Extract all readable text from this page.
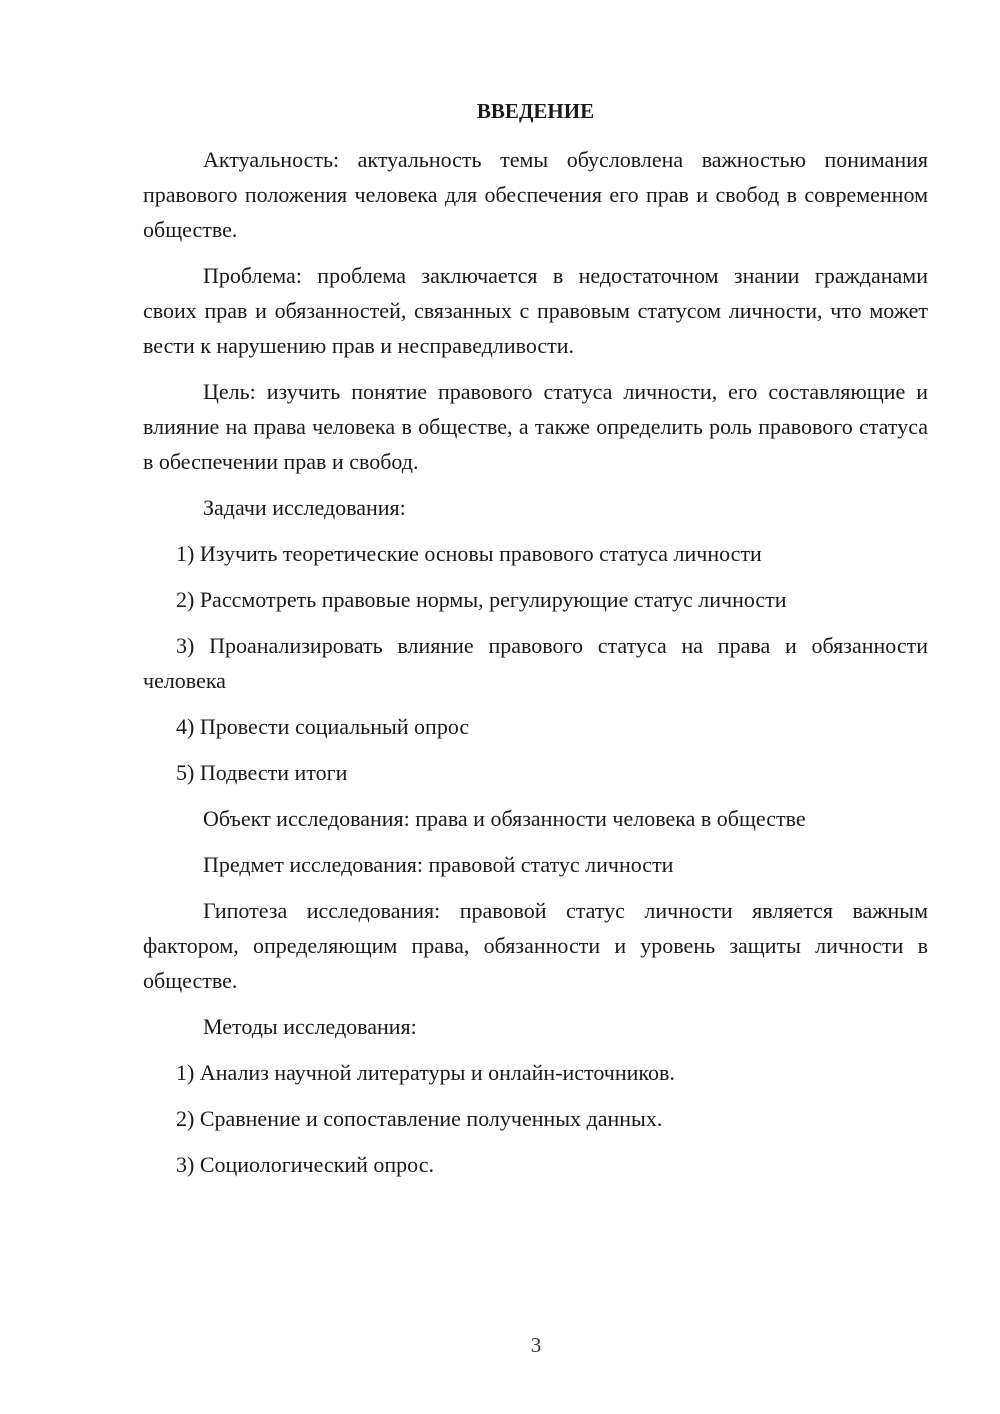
ВВЕДЕНИЕ

Актуальность: актуальность темы обусловлена важностью понимания правового положения человека для обеспечения его прав и свобод в современном обществе.

Проблема: проблема заключается в недостаточном знании гражданами своих прав и обязанностей, связанных с правовым статусом личности, что может вести к нарушению прав и несправедливости.

Цель: изучить понятие правового статуса личности, его составляющие и влияние на права человека в обществе, а также определить роль правового статуса в обеспечении прав и свобод.

Задачи исследования:

1) Изучить теоретические основы правового статуса личности

2) Рассмотреть правовые нормы, регулирующие статус личности

3) Проанализировать влияние правового статуса на права и обязанности человека

4) Провести социальный опрос

5) Подвести итоги

Объект исследования: права и обязанности человека в обществе

Предмет исследования: правовой статус личности

Гипотеза исследования: правовой статус личности является важным фактором, определяющим права, обязанности и уровень защиты личности в обществе.

Методы исследования:

1) Анализ научной литературы и онлайн-источников.

2) Сравнение и сопоставление полученных данных.

3) Социологический опрос.

3
